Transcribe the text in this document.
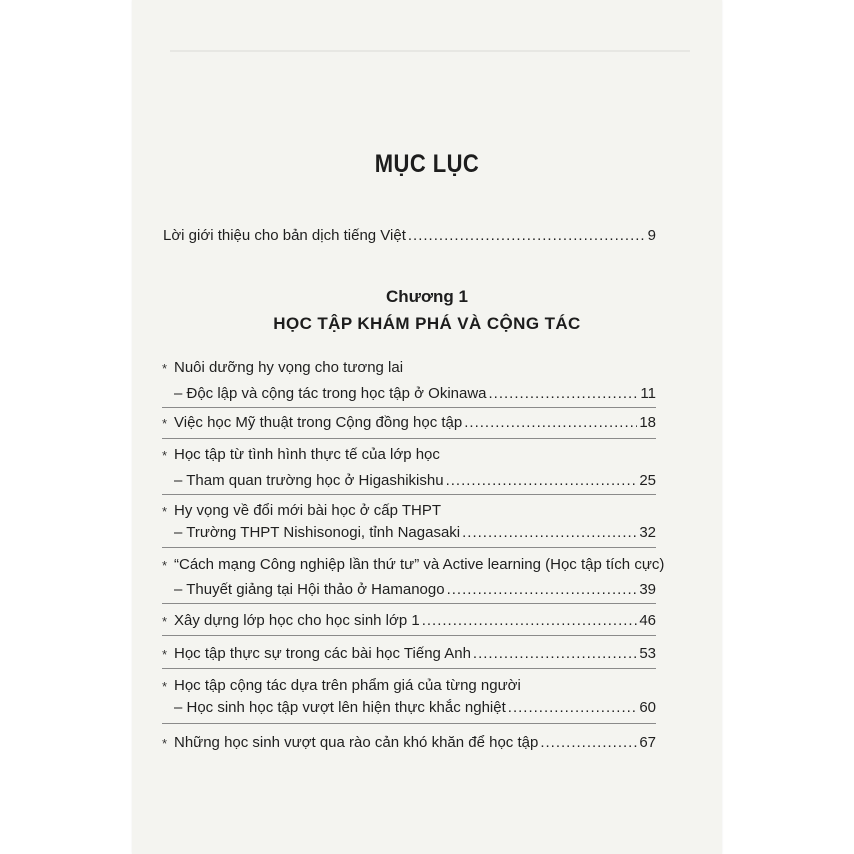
MỤC LỤC
Lời giới thiệu cho bản dịch tiếng Việt .....	9
Chương 1
HỌC TẬP KHÁM PHÁ VÀ CỘNG TÁC
* Nuôi dưỡng hy vọng cho tương lai
– Độc lập và cộng tác trong học tập ở Okinawa .....	11
* Việc học Mỹ thuật trong Cộng đồng học tập .....	18
* Học tập từ tình hình thực tế của lớp học
– Tham quan trường học ở Higashikishu .....	25
* Hy vọng về đổi mới bài học ở cấp THPT
– Trường THPT Nishisonogi, tỉnh Nagasaki .....	32
* “Cách mạng Công nghiệp lần thứ tư” và Active learning (Học tập tích cực)
– Thuyết giảng tại Hội thảo ở Hamanogo .....	39
* Xây dựng lớp học cho học sinh lớp 1 .....	46
* Học tập thực sự trong các bài học Tiếng Anh .....	53
* Học tập cộng tác dựa trên phẩm giá của từng người
– Học sinh học tập vượt lên hiện thực khắc nghiệt .....	60
* Những học sinh vượt qua rào cản khó khăn để học tập .....	67
